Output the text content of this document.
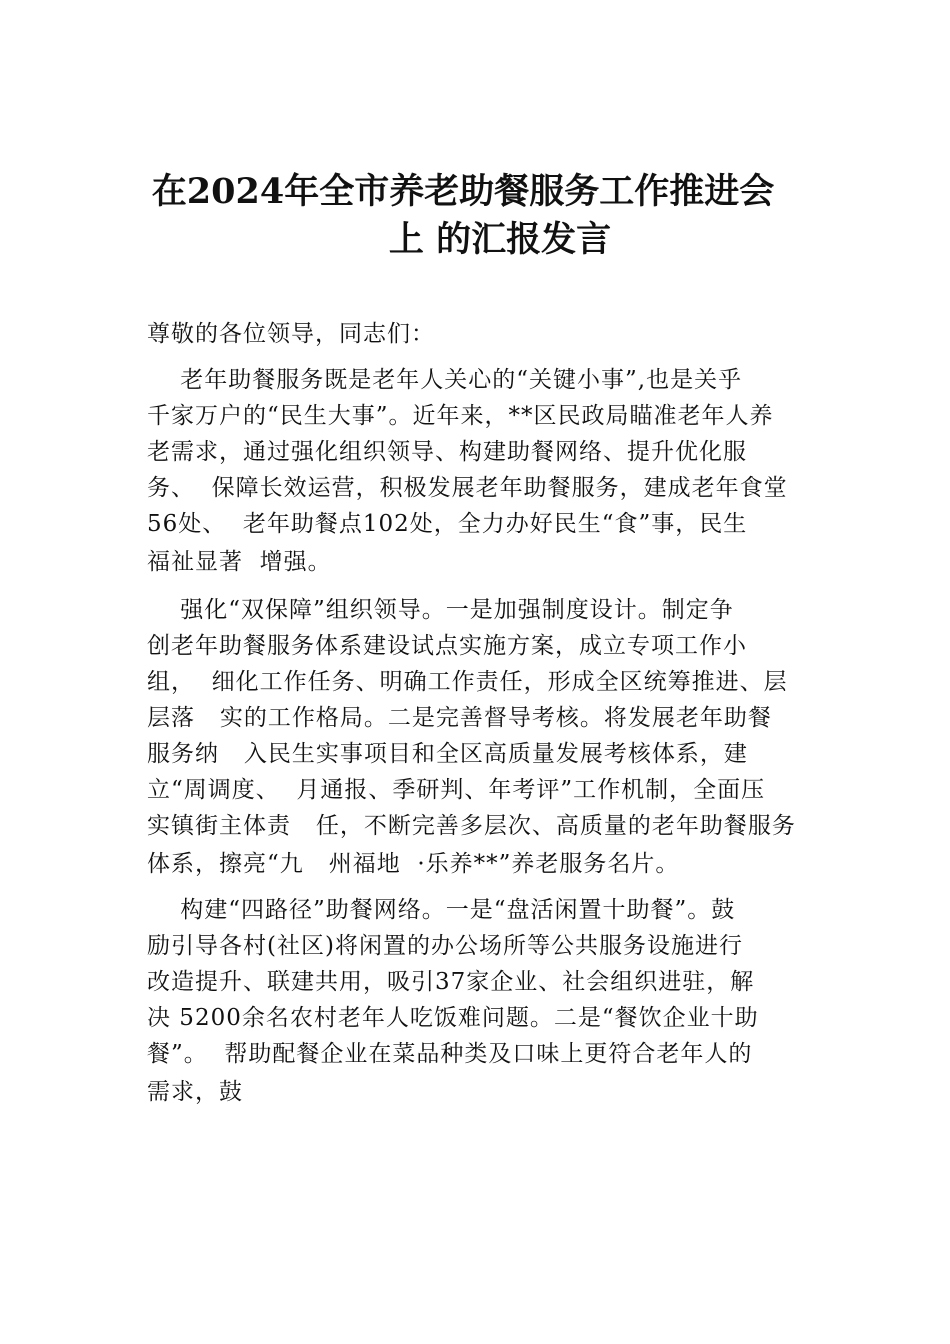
在2024年全市养老助餐服务工作推进会
上 的汇报发言
尊敬的各位领导，同志们：
老年助餐服务既是老年人关心的“关键小事”,也是关乎
千家万户的“民生大事”。近年来，**区民政局瞄准老年人养
老需求，通过强化组织领导、构建助餐网络、提升优化服
务、  保障长效运营，积极发展老年助餐服务，建成老年食堂
56处、  老年助餐点102处，全力办好民生“食”事，民生
福祉显著  增强。
强化“双保障”组织领导。一是加强制度设计。制定争
创老年助餐服务体系建设试点实施方案，成立专项工作小
组，  细化工作任务、明确工作责任，形成全区统筹推进、层
层落   实的工作格局。二是完善督导考核。将发展老年助餐
服务纳   入民生实事项目和全区高质量发展考核体系，建
立“周调度、  月通报、季研判、年考评”工作机制，全面压
实镇街主体责   任，不断完善多层次、高质量的老年助餐服务
体系，擦亮“九   州福地  ·乐养**”养老服务名片。
构建“四路径”助餐网络。一是“盘活闲置十助餐”。鼓
励引导各村(社区)将闲置的办公场所等公共服务设施进行
改造提升、联建共用，吸引37家企业、社会组织进驻，解
决 5200余名农村老年人吃饭难问题。二是“餐饮企业十助
餐”。  帮助配餐企业在菜品种类及口味上更符合老年人的
需求，鼓
